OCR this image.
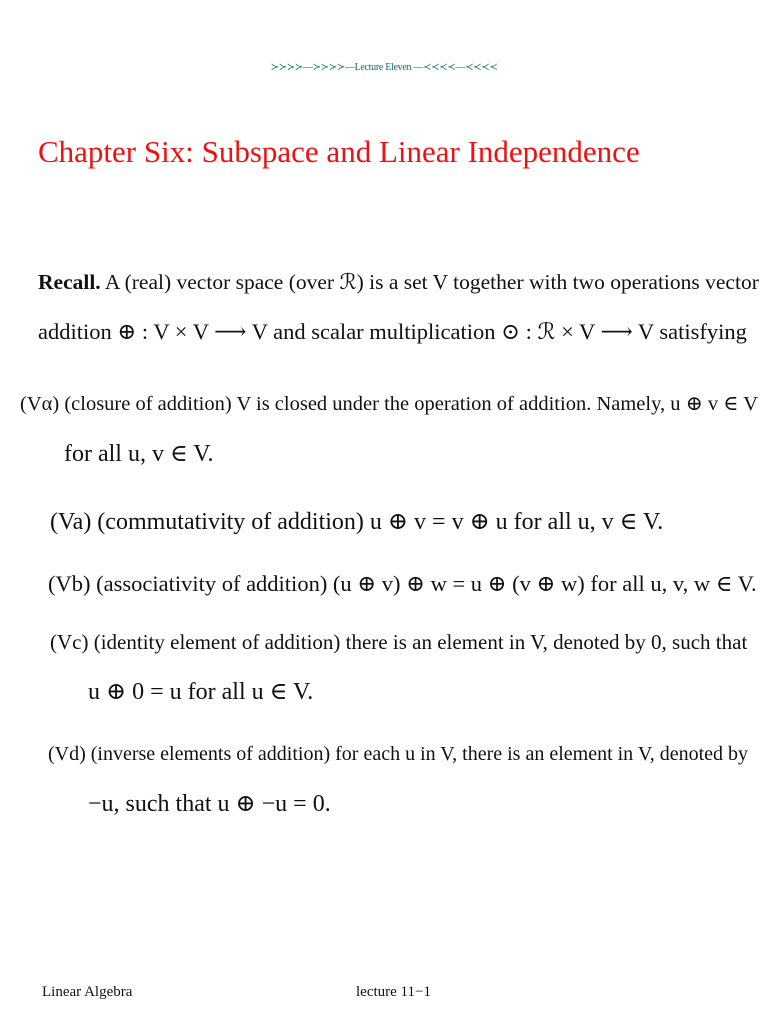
≻≻≻≻—≻≻≻≻—Lecture Eleven —≺≺≺≺—≺≺≺≺
Chapter Six: Subspace and Linear Independence
Recall. A (real) vector space (over ℛ) is a set V together with two operations vector
addition ⊕ : V × V ⟶ V and scalar multiplication ⊙ : ℛ × V ⟶ V satisfying
(Vα) (closure of addition) V is closed under the operation of addition. Namely, u ⊕ v ∈ V
for all u, v ∈ V.
(Va) (commutativity of addition) u ⊕ v = v ⊕ u for all u, v ∈ V.
(Vb) (associativity of addition) (u ⊕ v) ⊕ w = u ⊕ (v ⊕ w) for all u, v, w ∈ V.
(Vc) (identity element of addition) there is an element in V, denoted by 0, such that
u ⊕ 0 = u for all u ∈ V.
(Vd) (inverse elements of addition) for each u in V, there is an element in V, denoted by
−u, such that u ⊕ −u = 0.
Linear Algebra	lecture 11−1
